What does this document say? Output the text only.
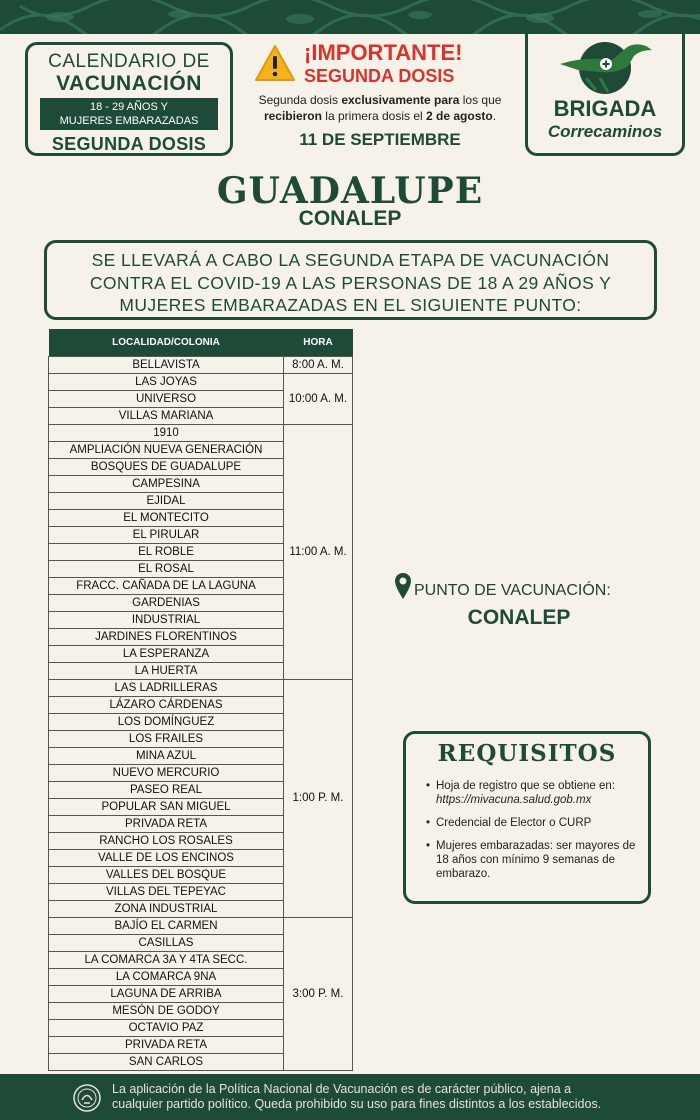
CALENDARIO DE
VACUNACIÓN
18 - 29 AÑOS Y
MUJERES EMBARAZADAS
SEGUNDA DOSIS
¡IMPORTANTE!
SEGUNDA DOSIS
Segunda dosis exclusivamente para los que
recibieron la primera dosis el 2 de agosto.
11 DE SEPTIEMBRE
BRIGADA
Correcaminos
GUADALUPE
CONALEP
SE LLEVARÁ A CABO LA SEGUNDA ETAPA DE VACUNACIÓN
CONTRA EL COVID-19 A LAS PERSONAS DE 18 A 29 AÑOS Y
MUJERES EMBARAZADAS EN EL SIGUIENTE PUNTO:
LOCALIDAD/COLONIA	HORA
BELLAVISTA	8:00 A. M.
LAS JOYAS	10:00 A. M.
UNIVERSO	
VILLAS MARIANA	
1910	11:00 A. M.
AMPLIACIÓN NUEVA GENERACIÓN	
BOSQUES DE GUADALUPE	
CAMPESINA	
EJIDAL	
EL MONTECITO	
EL PIRULAR	
EL ROBLE	
EL ROSAL	
FRACC. CAÑADA DE LA LAGUNA	
GARDENIAS	
INDUSTRIAL	
JARDINES FLORENTINOS	
LA ESPERANZA	
LA HUERTA	
LAS LADRILLERAS	1:00 P. M.
LÁZARO CÁRDENAS	
LOS DOMÍNGUEZ	
LOS FRAILES	
MINA AZUL	
NUEVO MERCURIO	
PASEO REAL	
POPULAR SAN MIGUEL	
PRIVADA RETA	
RANCHO LOS ROSALES	
VALLE DE LOS ENCINOS	
VALLES DEL BOSQUE	
VILLAS DEL TEPEYAC	
ZONA INDUSTRIAL	
BAJÍO EL CARMEN	3:00 P. M.
CASILLAS	
LA COMARCA 3A Y 4TA SECC.	
LA COMARCA 9NA	
LAGUNA DE ARRIBA	
MESÓN DE GODOY	
OCTAVIO PAZ	
PRIVADA RETA	
SAN CARLOS	
PUNTO DE VACUNACIÓN:
CONALEP
REQUISITOS
• Hoja de registro que se obtiene en: https://mivacuna.salud.gob.mx
• Credencial de Elector o CURP
• Mujeres embarazadas: ser mayores de 18 años con mínimo 9 semanas de embarazo.
La aplicación de la Política Nacional de Vacunación es de carácter público, ajena a
cualquier partido político. Queda prohibido su uso para fines distintos a los establecidos.
